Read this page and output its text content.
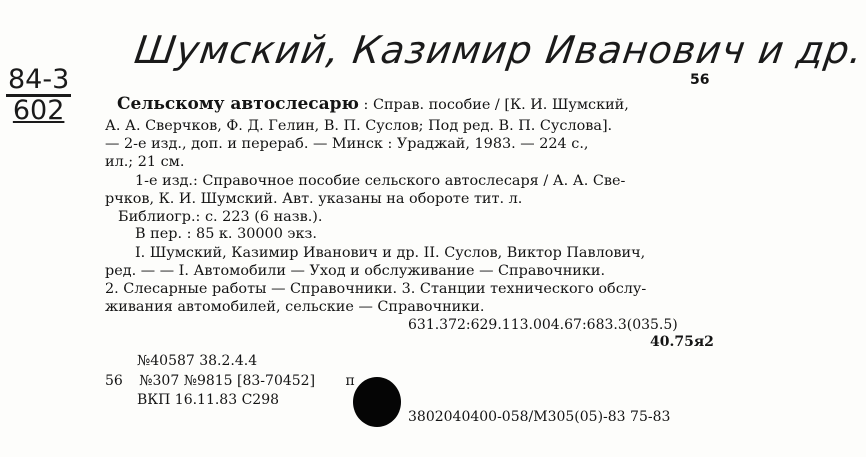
Шумский, Казимир Иванович и др.
84-3
602
56
Сельскому автослесарю : Справ. пособие / [К. И. Шумский,
А. А. Сверчков, Ф. Д. Гелин, В. П. Суслов; Под ред. В. П. Суслова].
— 2-е изд., доп. и перераб. — Минск : Ураджай, 1983. — 224 с.,
ил.; 21 см.
1-е изд.: Справочное пособие сельского автослесаря / А. А. Све-
рчков, К. И. Шумский. Авт. указаны на обороте тит. л.
Библиогр.: с. 223 (6 назв.).
В пер. : 85 к. 30000 экз.
I. Шумский, Казимир Иванович и др. II. Суслов, Виктор Павлович,
ред. — — I. Автомобили — Уход и обслуживание — Справочники.
2. Слесарные работы — Справочники. 3. Станции технического обслу-
живания автомобилей, сельские — Справочники.
631.372:629.113.004.67:683.3(035.5)
40.75я2
№40587 38.2.4.4
56 №307 №9815 [83-70452] п
ВКП 16.11.83 С298
3802040400-058/М305(05)-83 75-83
